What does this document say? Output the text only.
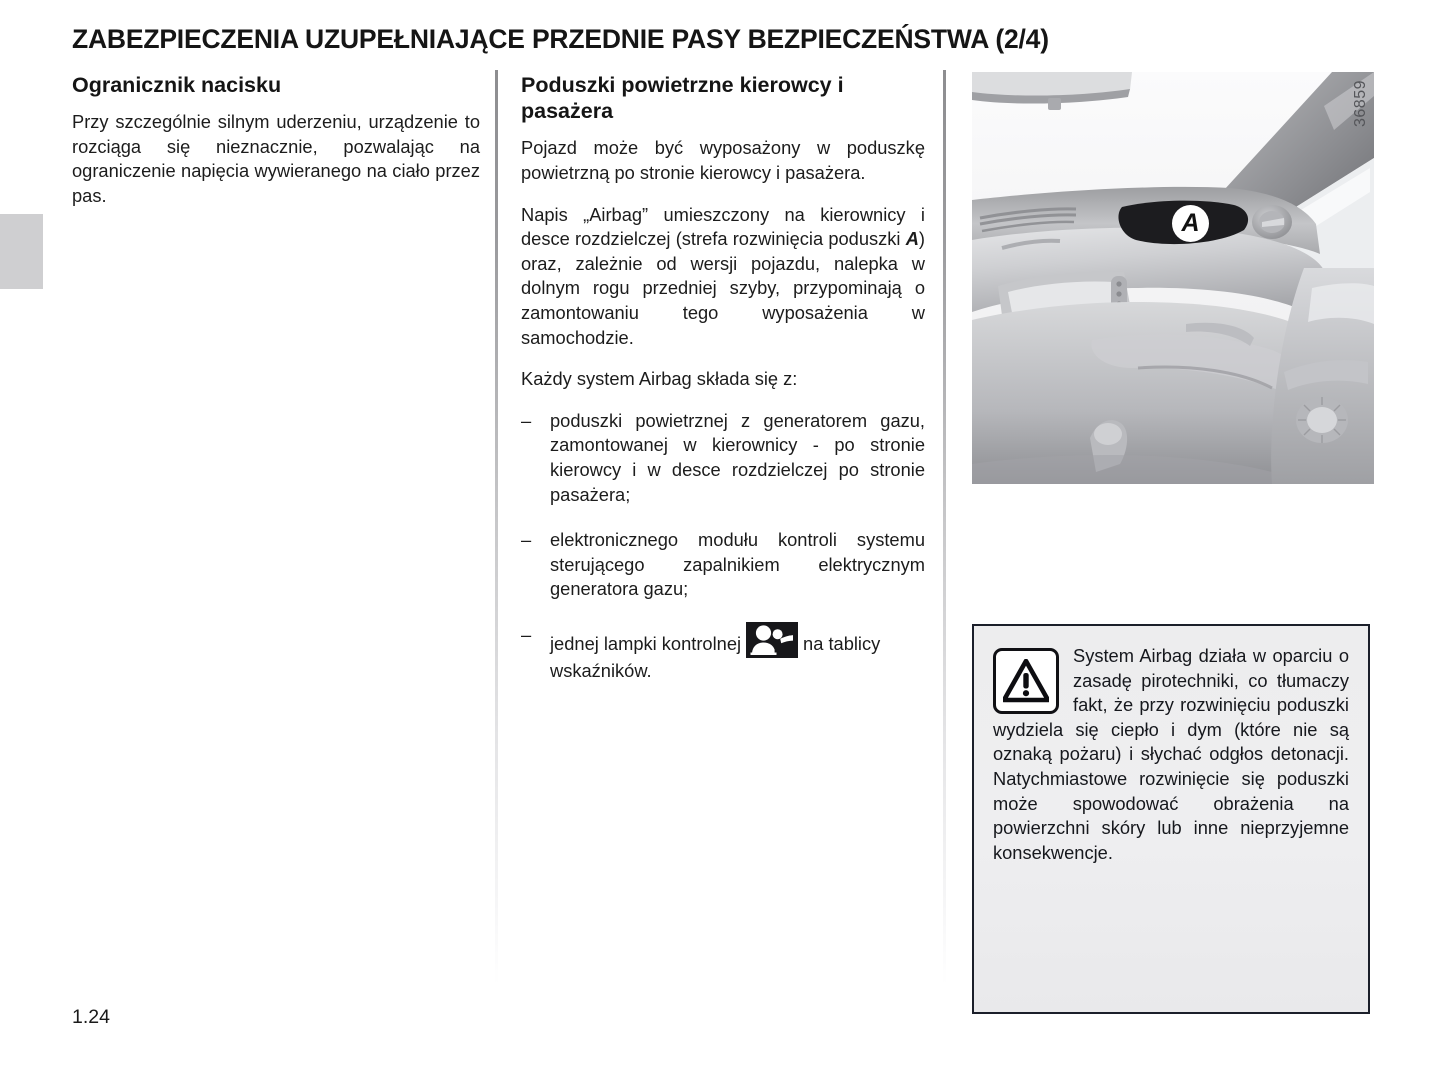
ZABEZPIECZENIA UZUPEŁNIAJĄCE PRZEDNIE PASY BEZPIECZEŃSTWA (2/4)
Ogranicznik nacisku

Przy szczególnie silnym uderzeniu, urządzenie to rozciąga się nieznacznie, pozwalając na ograniczenie napięcia wywieranego na ciało przez pas.

Poduszki powietrzne kierowcy i pasażera

Pojazd może być wyposażony w poduszkę powietrzną po stronie kierowcy i pasażera.

Napis „Airbag” umieszczony na kierownicy i desce rozdzielczej (strefa rozwinięcia poduszki A) oraz, zależnie od wersji pojazdu, nalepka w dolnym rogu przedniej szyby, przypominają o zamontowaniu tego wyposażenia w samochodzie.

Każdy system Airbag składa się z:

– poduszki powietrznej z generatorem gazu, zamontowanej w kierownicy - po stronie kierowcy i w desce rozdzielczej po stronie pasażera;
– elektronicznego modułu kontroli systemu sterującego zapalnikiem elektrycznym generatora gazu;
– jednej lampki kontrolnej	na tablicy wskaźników.
36859
A

System Airbag działa w oparciu o zasadę pirotechniki, co tłumaczy fakt, że przy rozwinięciu poduszki wydziela się ciepło i dym (które nie są oznaką pożaru) i słychać odgłos detonacji. Natychmiastowe rozwinięcie się poduszki może spowodować obrażenia na powierzchni skóry lub inne nieprzyjemne konsekwencje.

1.24
